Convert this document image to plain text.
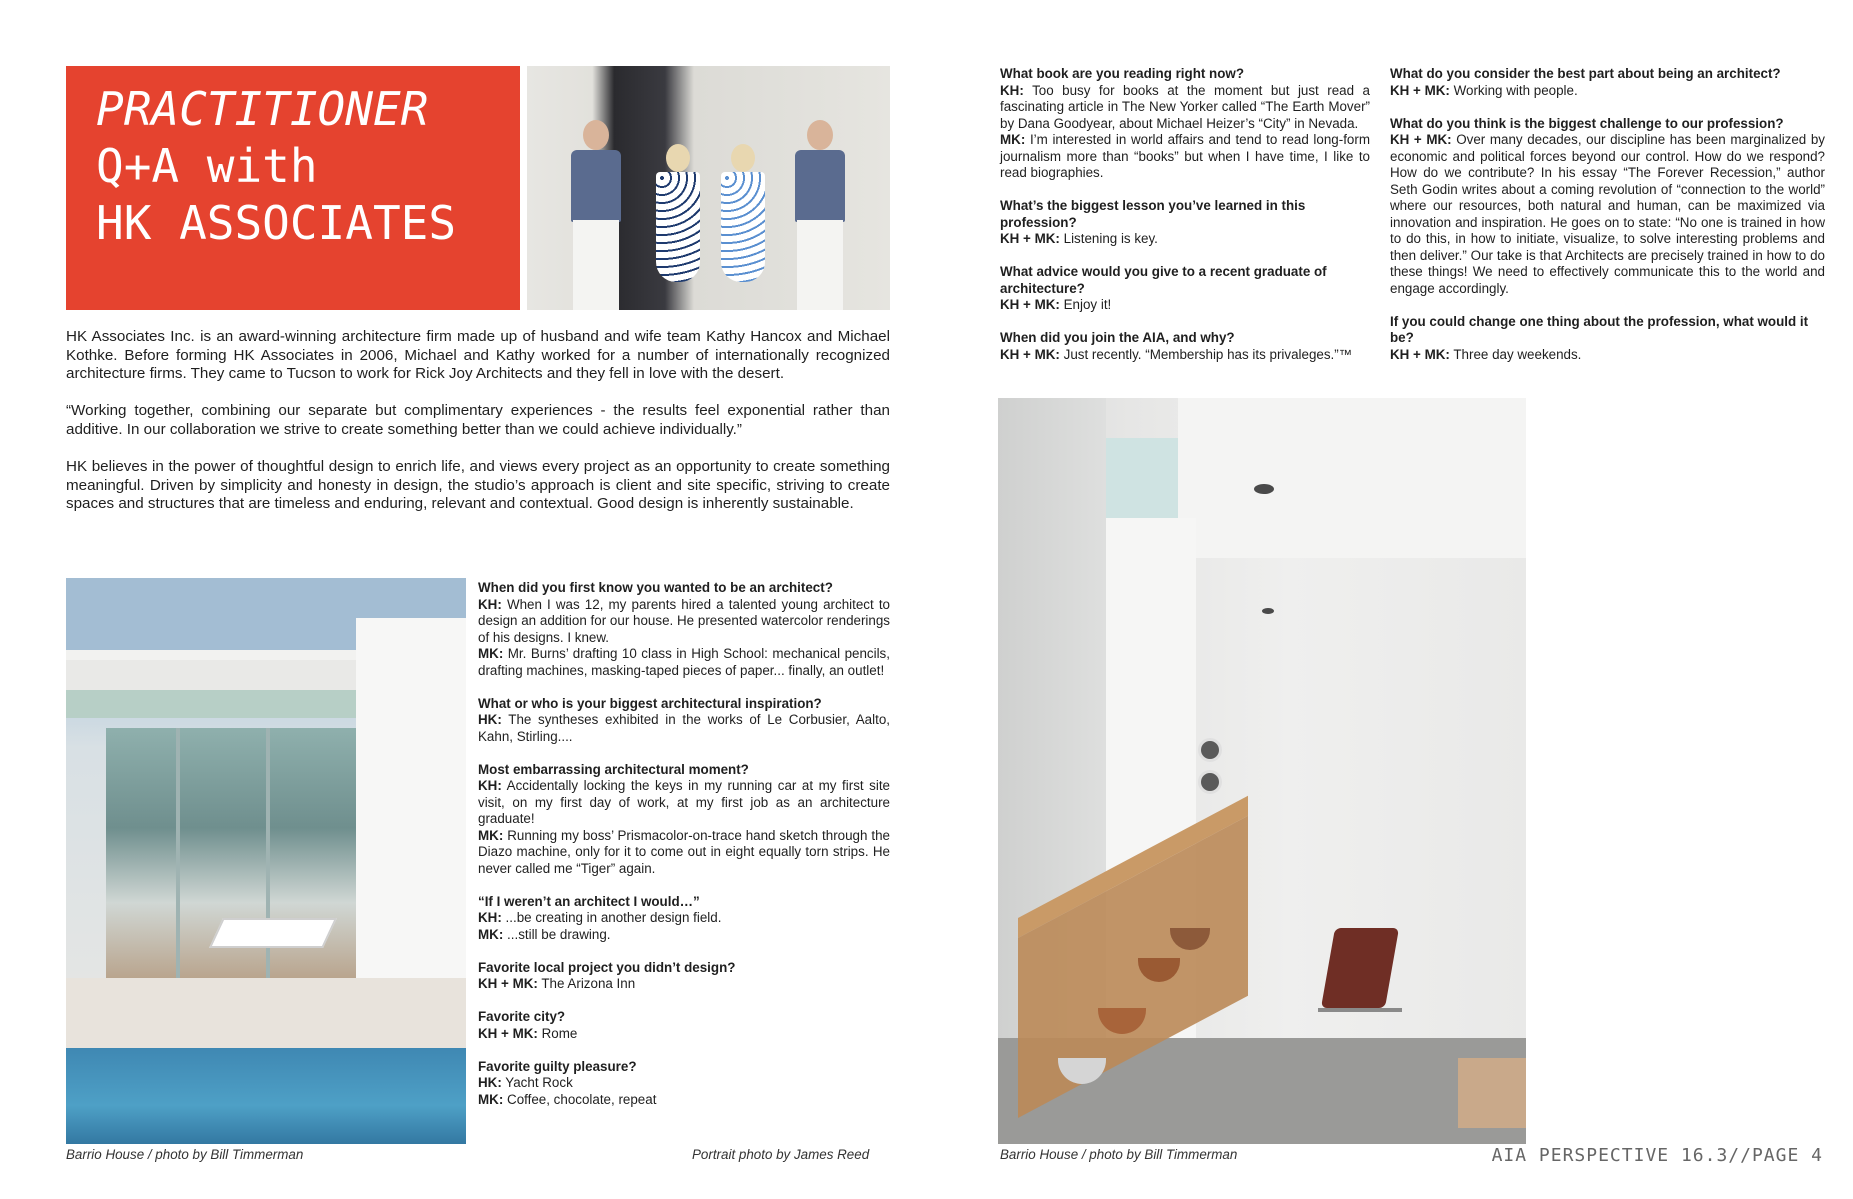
PRACTITIONER
Q+A with
HK ASSOCIATES

HK Associates Inc. is an award-winning architecture firm made up of husband and wife team Kathy Hancox and Michael Kothke. Before forming HK Associates in 2006, Michael and Kathy worked for a number of internationally recognized architecture firms. They came to Tucson to work for Rick Joy Architects and they fell in love with the desert.

“Working together, combining our separate but complimentary experiences - the results feel exponential rather than additive. In our collaboration we strive to create something better than we could achieve individually.”

HK believes in the power of thoughtful design to enrich life, and views every project as an opportunity to create something meaningful. Driven by simplicity and honesty in design, the studio’s approach is client and site specific, striving to create spaces and structures that are timeless and enduring, relevant and contextual. Good design is inherently sustainable.

When did you first know you wanted to be an architect?
KH: When I was 12, my parents hired a talented young architect to design an addition for our house. He presented watercolor renderings of his designs. I knew.
MK: Mr. Burns’ drafting 10 class in High School: mechanical pencils, drafting machines, masking-taped pieces of paper... finally, an outlet!
What or who is your biggest architectural inspiration?
HK: The syntheses exhibited in the works of Le Corbusier, Aalto, Kahn, Stirling....
Most embarrassing architectural moment?
KH: Accidentally locking the keys in my running car at my first site visit, on my first day of work, at my first job as an architecture graduate!
MK: Running my boss’ Prismacolor-on-trace hand sketch through the Diazo machine, only for it to come out in eight equally torn strips. He never called me “Tiger” again.
“If I weren’t an architect I would…”
KH: ...be creating in another design field.
MK: ...still be drawing.
Favorite local project you didn’t design?
KH + MK: The Arizona Inn
Favorite city?
KH + MK: Rome
Favorite guilty pleasure?
HK: Yacht Rock
MK: Coffee, chocolate, repeat
What book are you reading right now?
KH: Too busy for books at the moment but just read a fascinating article in The New Yorker called “The Earth Mover” by Dana Goodyear, about Michael Heizer’s “City” in Nevada.
MK: I’m interested in world affairs and tend to read long-form journalism more than “books” but when I have time, I like to read biographies.
What’s the biggest lesson you’ve learned in this profession?
KH + MK: Listening is key.
What advice would you give to a recent graduate of architecture?
KH + MK: Enjoy it!
When did you join the AIA, and why?
KH + MK: Just recently. “Membership has its privaleges.”™
What do you consider the best part about being an architect?
KH + MK: Working with people.
What do you think is the biggest challenge to our profession?
KH + MK: Over many decades, our discipline has been marginalized by economic and political forces beyond our control. How do we respond? How do we contribute? In his essay “The Forever Recession,” author Seth Godin writes about a coming revolution of “connection to the world” where our resources, both natural and human, can be maximized via innovation and inspiration. He goes on to state: “No one is trained in how to do this, in how to initiate, visualize, to solve interesting problems and then deliver.” Our take is that Architects are precisely trained in how to do these things! We need to effectively communicate this to the world and engage accordingly.
If you could change one thing about the profession, what would it be?
KH + MK: Three day weekends.
Barrio House / photo by Bill Timmerman	Portrait photo by James Reed	Barrio House / photo by Bill Timmerman	AIA PERSPECTIVE 16.3//PAGE 4
